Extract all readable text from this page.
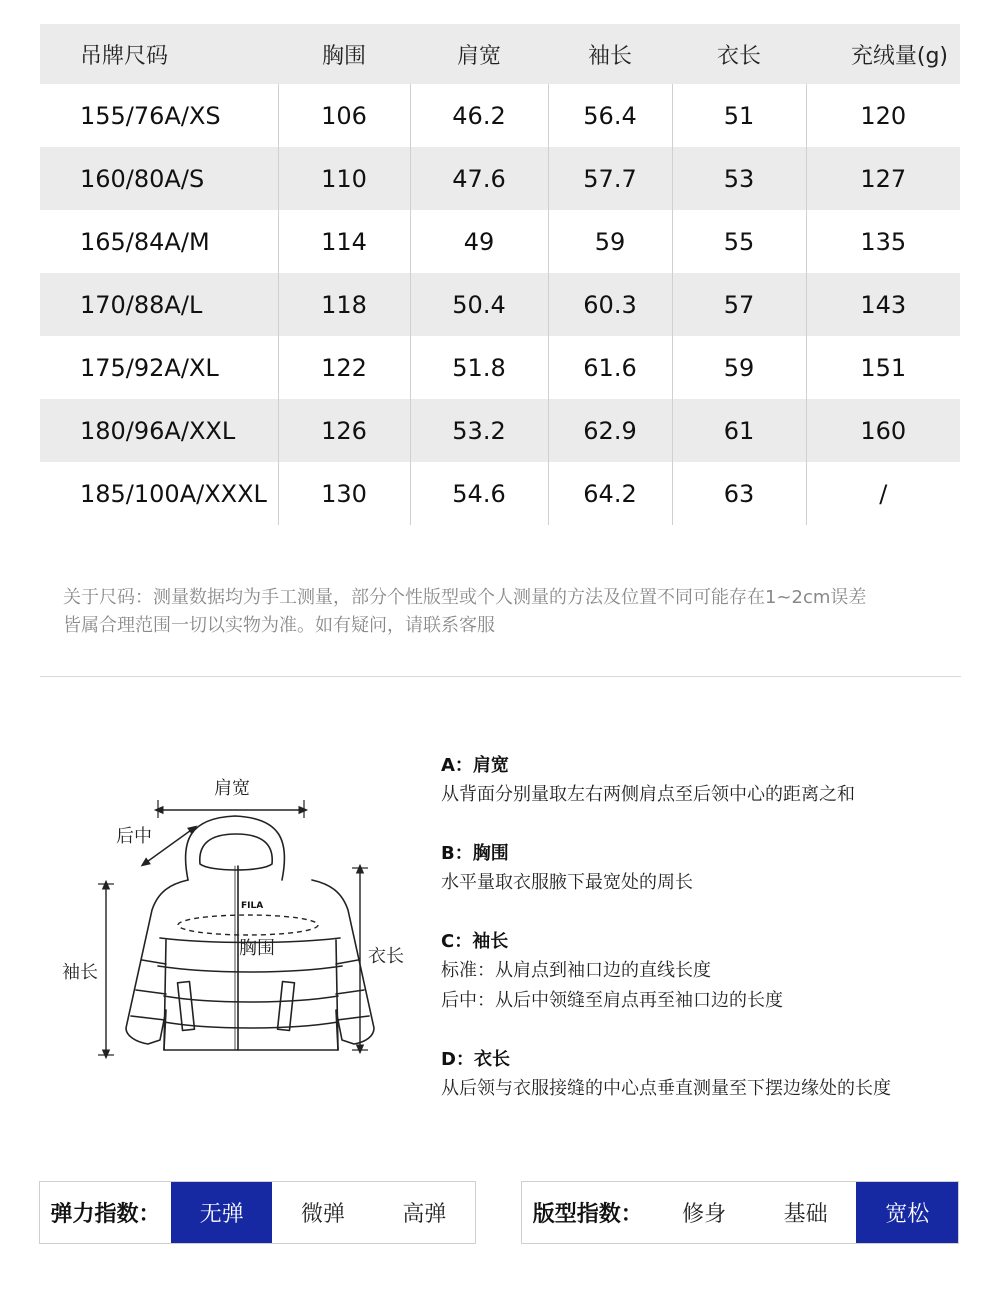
吊牌尺码	胸围	肩宽	袖长	衣长	充绒量(g)
155/76A/XS	106	46.2	56.4	51	120
160/80A/S	110	47.6	57.7	53	127
165/84A/M	114	49	59	55	135
170/88A/L	118	50.4	60.3	57	143
175/92A/XL	122	51.8	61.6	59	151
180/96A/XXL	126	53.2	62.9	61	160
185/100A/XXXL	130	54.6	64.2	63	/

关于尺码：测量数据均为手工测量，部分个性版型或个人测量的方法及位置不同可能存在1~2cm误差

皆属合理范围一切以实物为准。如有疑问，请联系客服

FILA
肩宽
后中
胸围
袖长
衣长
A：肩宽
从背面分别量取左右两侧肩点至后领中心的距离之和
B：胸围
水平量取衣服腋下最宽处的周长
C：袖长
标准：从肩点到袖口边的直线长度
后中：从后中领缝至肩点再至袖口边的长度
D：衣长
从后领与衣服接缝的中心点垂直测量至下摆边缘处的长度
弹力指数：	无弹	微弹	高弹	版型指数：	修身	基础	宽松
